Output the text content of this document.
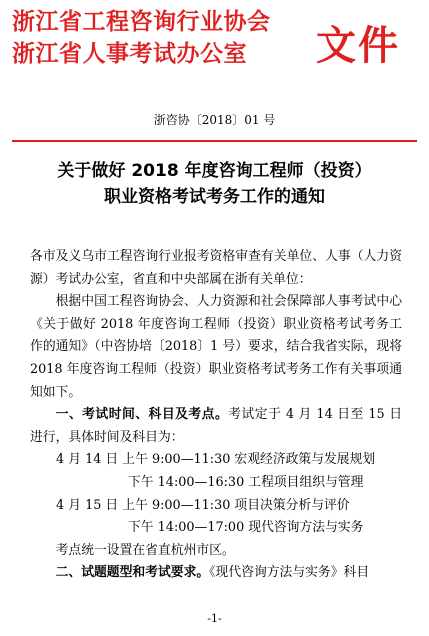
浙江省工程咨询行业协会
浙江省人事考试办公室	文件
浙咨协〔2018〕01 号
关于做好 2018 年度咨询工程师（投资）
职业资格考试考务工作的通知

各市及义乌市工程咨询行业报考资格审查有关单位、人事（人力资源）考试办公室，省直和中央部属在浙有关单位：

根据中国工程咨询协会、人力资源和社会保障部人事考试中心《关于做好 2018 年度咨询工程师（投资）职业资格考试考务工作的通知》（中咨协培〔2018〕1 号）要求，结合我省实际，现将 2018 年度咨询工程师（投资）职业资格考试考务工作有关事项通知如下。

一、考试时间、科目及考点。考试定于 4 月 14 日至 15 日进行，具体时间及科目为：

4 月 14 日 上午 9:00—11:30 宏观经济政策与发展规划
下午 14:00—16:30 工程项目组织与管理
4 月 15 日 上午 9:00—11:30 项目决策分析与评价
下午 14:00—17:00 现代咨询方法与实务

考点统一设置在省直杭州市区。

二、试题题型和考试要求。《现代咨询方法与实务》科目

-1-
